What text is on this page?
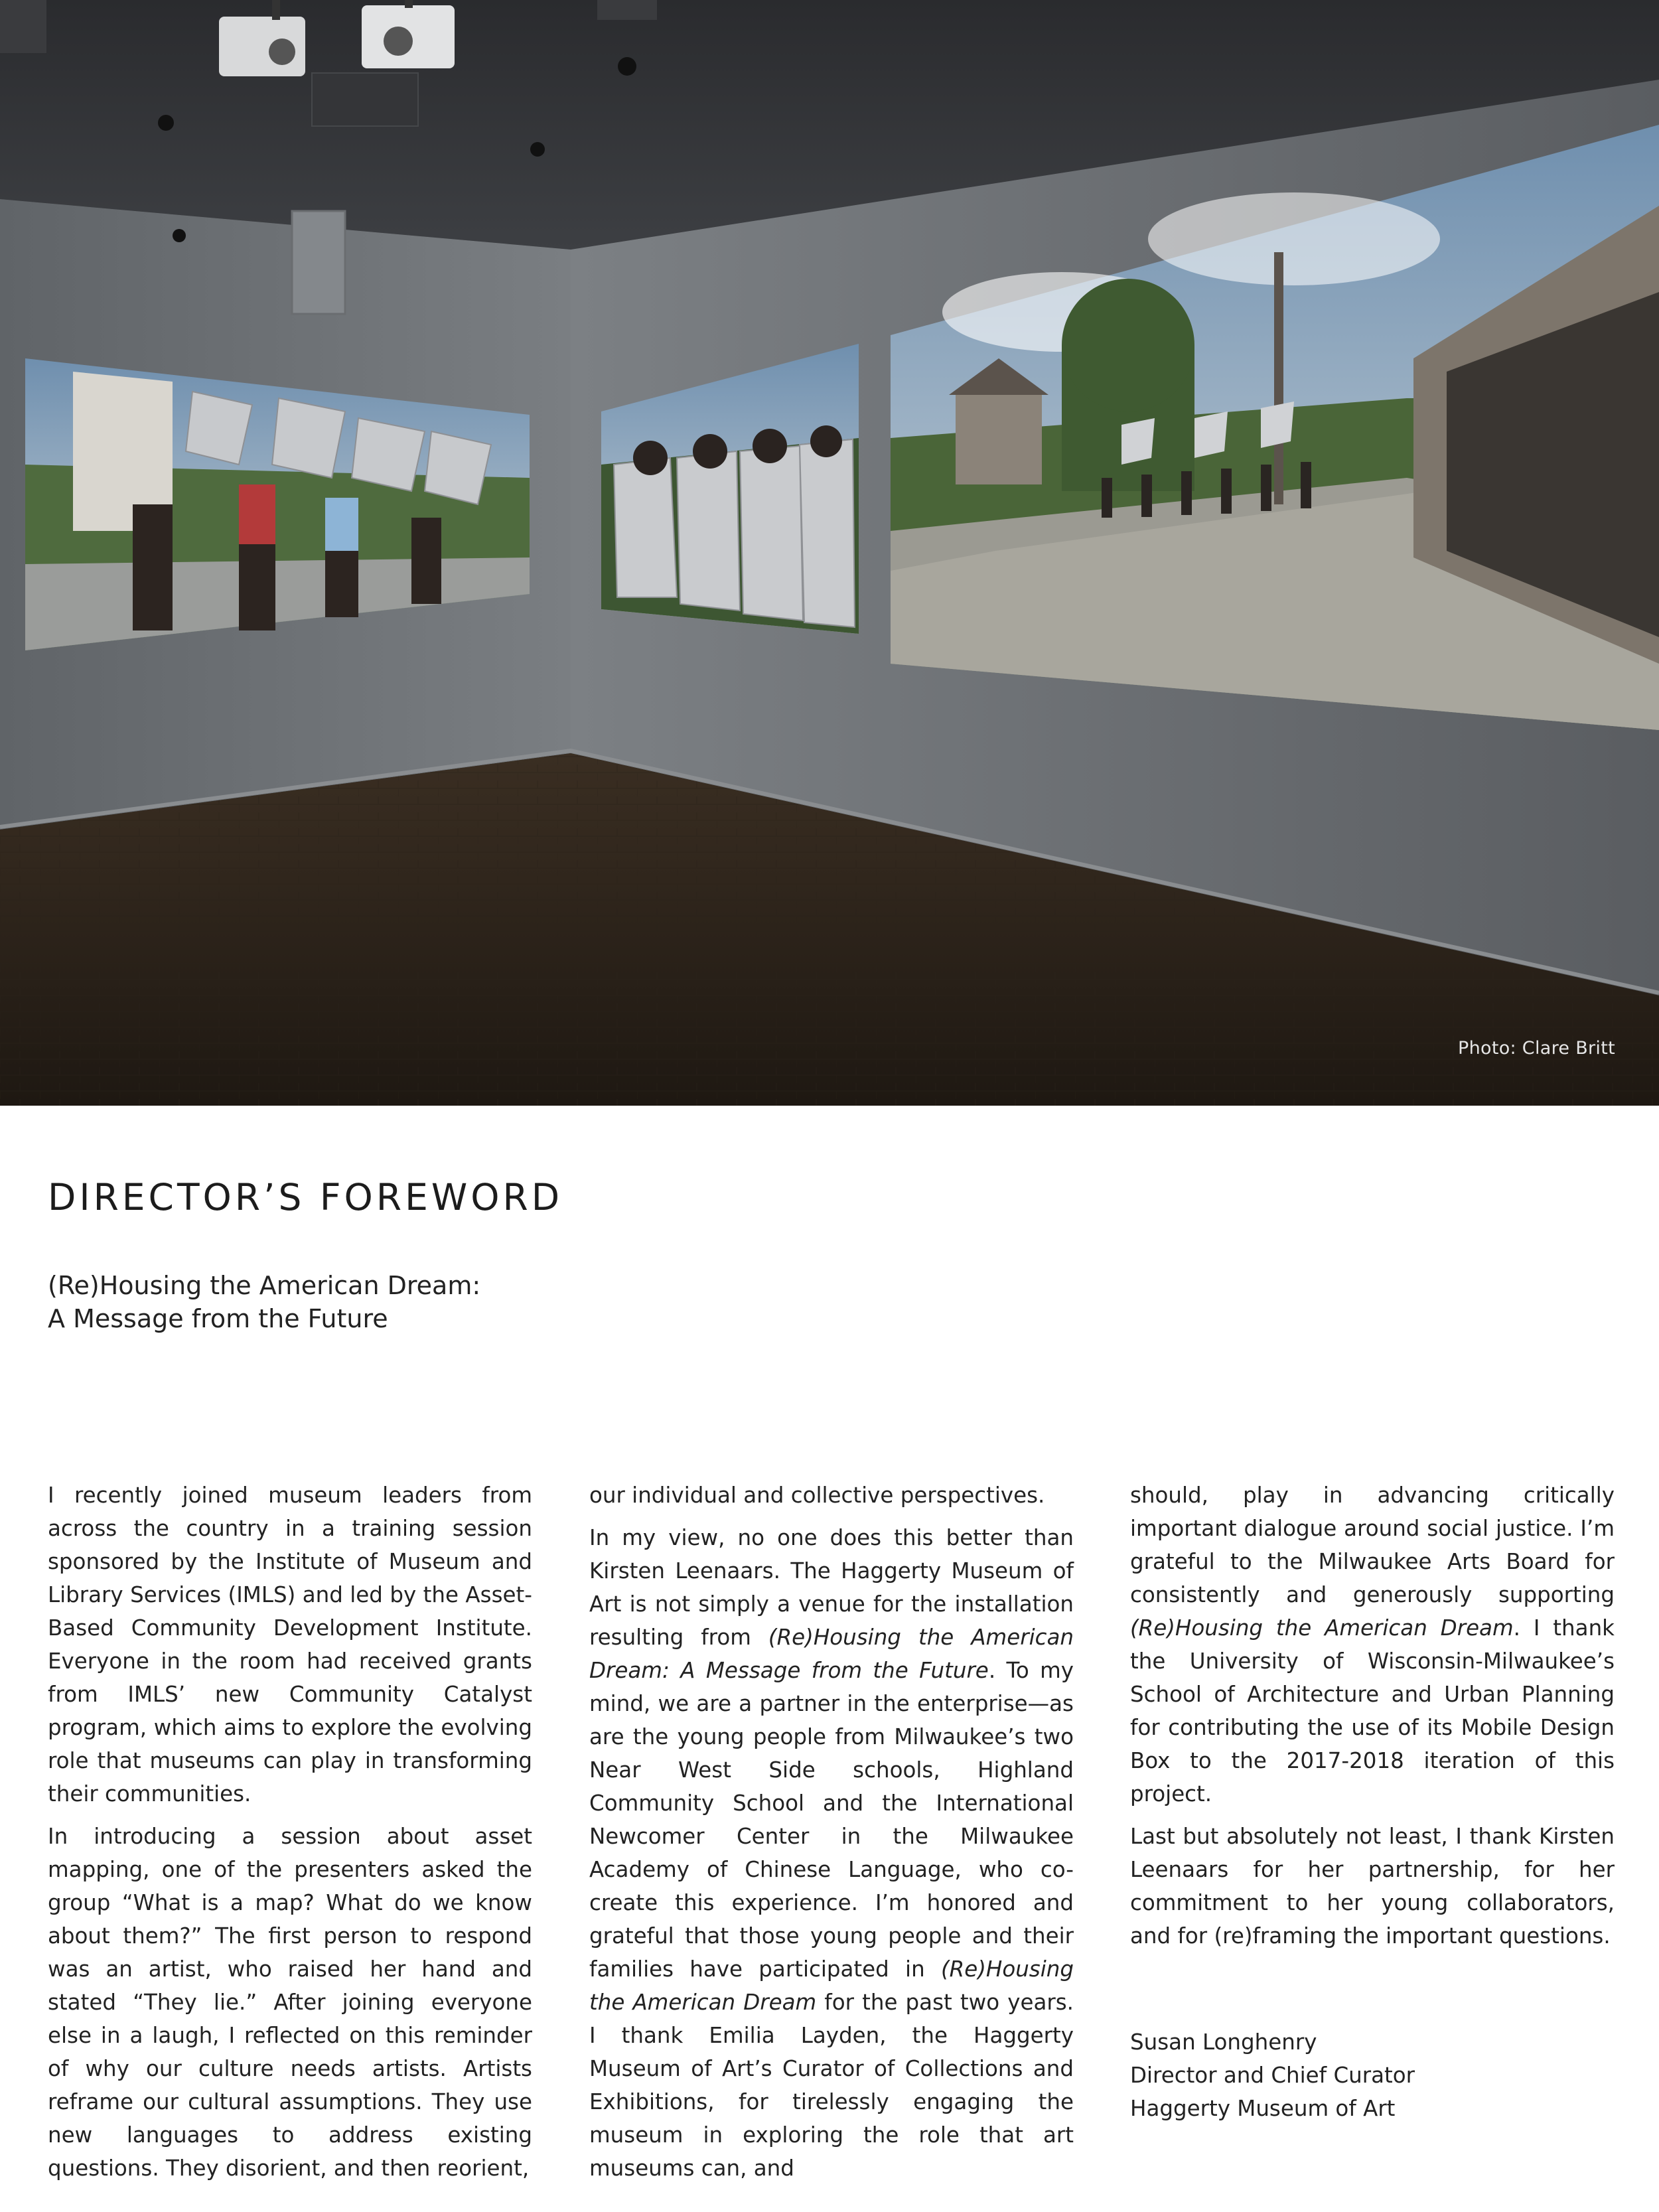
Photo: Clare Britt
DIRECTOR’S FOREWORD
(Re)Housing the American Dream:
A Message from the Future

I recently joined museum leaders from across the country in a training session sponsored by the Institute of Museum and Library Services (IMLS) and led by the Asset-Based Community Development Institute. Everyone in the room had received grants from IMLS’ new Community Catalyst program, which aims to explore the evolving role that museums can play in transforming their communities.

In introducing a session about asset mapping, one of the presenters asked the group “What is a map? What do we know about them?” The first person to respond was an artist, who raised her hand and stated “They lie.” After joining everyone else in a laugh, I reflected on this reminder of why our culture needs artists. Artists reframe our cultural assumptions. They use new languages to address existing questions. They disorient, and then reorient,

our individual and collective perspectives.

In my view, no one does this better than Kirsten Leenaars. The Haggerty Museum of Art is not simply a venue for the installation resulting from (Re)Housing the American Dream: A Message from the Future. To my mind, we are a partner in the enterprise—as are the young people from Milwaukee’s two Near West Side schools, Highland Community School and the International Newcomer Center in the Milwaukee Academy of Chinese Language, who co-create this experience. I’m honored and grateful that those young people and their families have participated in (Re)Housing the American Dream for the past two years. I thank Emilia Layden, the Haggerty Museum of Art’s Curator of Collections and Exhibitions, for tirelessly engaging the museum in exploring the role that art museums can, and

should, play in advancing critically important dialogue around social justice. I’m grateful to the Milwaukee Arts Board for consistently and generously supporting (Re)Housing the American Dream. I thank the University of Wisconsin-Milwaukee’s School of Architecture and Urban Planning for contributing the use of its Mobile Design Box to the 2017-2018 iteration of this project.

Last but absolutely not least, I thank Kirsten Leenaars for her partnership, for her commitment to her young collaborators, and for (re)framing the important questions.

Susan Longhenry
Director and Chief Curator
Haggerty Museum of Art
